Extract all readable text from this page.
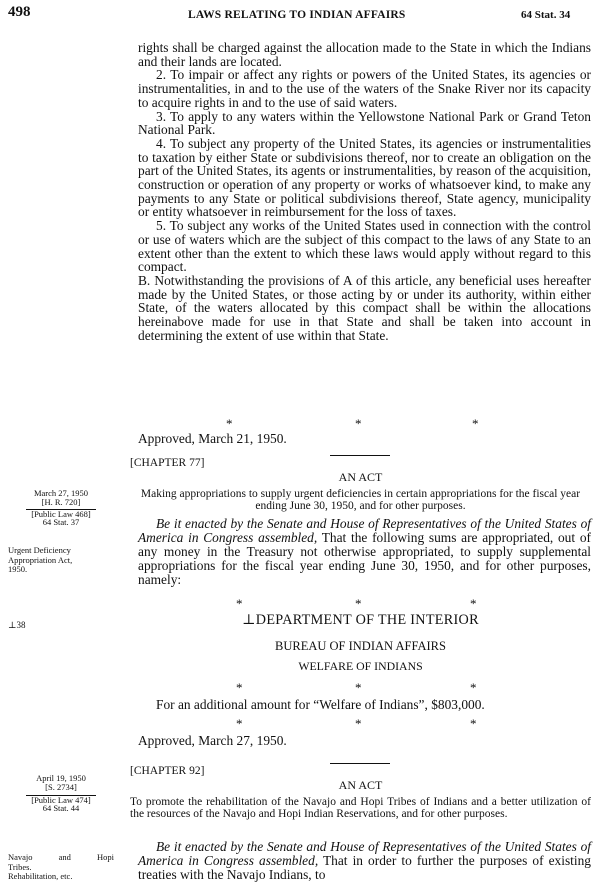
498	LAWS RELATING TO INDIAN AFFAIRS	64 Stat. 34

rights shall be charged against the allocation made to the State in which the Indians and their lands are located.

2. To impair or affect any rights or powers of the United States, its agencies or instrumentalities, in and to the use of the waters of the Snake River nor its capacity to acquire rights in and to the use of said waters.

3. To apply to any waters within the Yellowstone National Park or Grand Teton National Park.

4. To subject any property of the United States, its agencies or instrumentalities to taxation by either State or subdivisions thereof, nor to create an obligation on the part of the United States, its agents or instrumentalities, by reason of the acquisition, construction or operation of any property or works of whatsoever kind, to make any payments to any State or political subdivisions thereof, State agency, municipality or entity whatsoever in reimbursement for the loss of taxes.

5. To subject any works of the United States used in connection with the control or use of waters which are the subject of this compact to the laws of any State to an extent other than the extent to which these laws would apply without regard to this compact.

B. Notwithstanding the provisions of A of this article, any beneficial uses hereafter made by the United States, or those acting by or under its authority, within either State, of the waters allocated by this compact shall be within the allocations hereinabove made for use in that State and shall be taken into account in determining the extent of use within that State.

*	*	*
Approved, March 21, 1950.
[CHAPTER 77]
AN ACT
Making appropriations to supply urgent deficiencies in certain appropriations for the fiscal year ending June 30, 1950, and for other purposes.
March 27, 1950
[H. R. 720]
[Public Law 468]
64 Stat. 37
Urgent Deficiency
Appropriation Act,
1950.
⊥38

Be it enacted by the Senate and House of Representatives of the United States of America in Congress assembled, That the following sums are appropriated, out of any money in the Treasury not otherwise appropriated, to supply supplemental appropriations for the fiscal year ending June 30, 1950, and for other purposes, namely:

*	*	*
⊥DEPARTMENT OF THE INTERIOR
BUREAU OF INDIAN AFFAIRS
WELFARE OF INDIANS
*	*	*
For an additional amount for “Welfare of Indians”, $803,000.
*	*	*
Approved, March 27, 1950.
[CHAPTER 92]
AN ACT
To promote the rehabilitation of the Navajo and Hopi Tribes of Indians and a better utilization of the resources of the Navajo and Hopi Indian Reservations, and for other purposes.
April 19, 1950
[S. 2734]
[Public Law 474]
64 Stat. 44
Navajo and Hopi
Tribes.
Rehabilitation, etc.

Be it enacted by the Senate and House of Representatives of the United States of America in Congress assembled, That in order to further the purposes of existing treaties with the Navajo Indians, to
